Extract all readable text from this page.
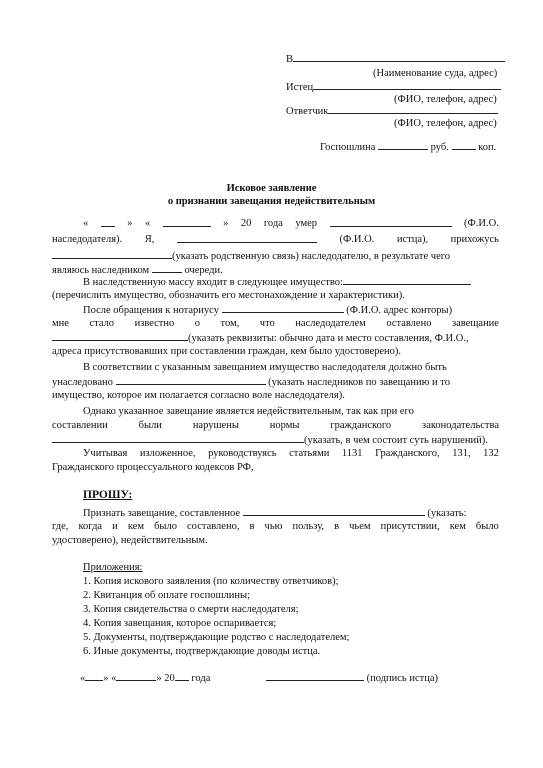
В
(Наименование суда, адрес)
Истец
(ФИО, телефон, адрес)
Ответчик
(ФИО, телефон, адрес)
Госпошлина	руб.	коп.
Исковое заявление
о признании завещания недействительным
«	» «	» 20 года умер	(Ф.И.О.
наследодателя). Я,	(Ф.И.О. истца), прихожусь
(указать родственную связь) наследодателю, в результате чего
являюсь наследником	очереди.
В наследственную массу входит в следующее имущество:
(перечислить имущество, обозначить его местонахождение и характеристики).
После обращения к нотариусу	(Ф.И.О. адрес конторы)
мне стало известно о том, что наследодателем оставлено завещание
(указать реквизиты: обычно дата и место составления, Ф.И.О.,
адреса присутствовавших при составлении граждан, кем было удостоверено).
В соответствии с указанным завещанием имущество наследодателя должно быть
унаследовано	(указать наследников по завещанию и то
имущество, которое им полагается согласно воле наследодателя).
Однако указанное завещание является недействительным, так как при его
составлении	были	нарушены	нормы	гражданского	законодательства
(указать, в чем состоит суть нарушений).
Учитывая изложенное, руководствуясь статьями 1131 Гражданского, 131, 132
Гражданского процессуального кодексов РФ,
ПРОШУ:
Признать завещание, составленное	(указать:
где, когда и кем было составлено, в чью пользу, в чьем присутствии, кем было
удостоверено), недействительным.
Приложения:
1. Копия искового заявления (по количеству ответчиков);
2. Квитанция об оплате госпошлины;
3. Копия свидетельства о смерти наследодателя;
4. Копия завещания, которое оспаривается;
5. Документы, подтверждающие родство с наследодателем;
6. Иные документы, подтверждающие доводы истца.
« » «	» 20 года	(подпись истца)
